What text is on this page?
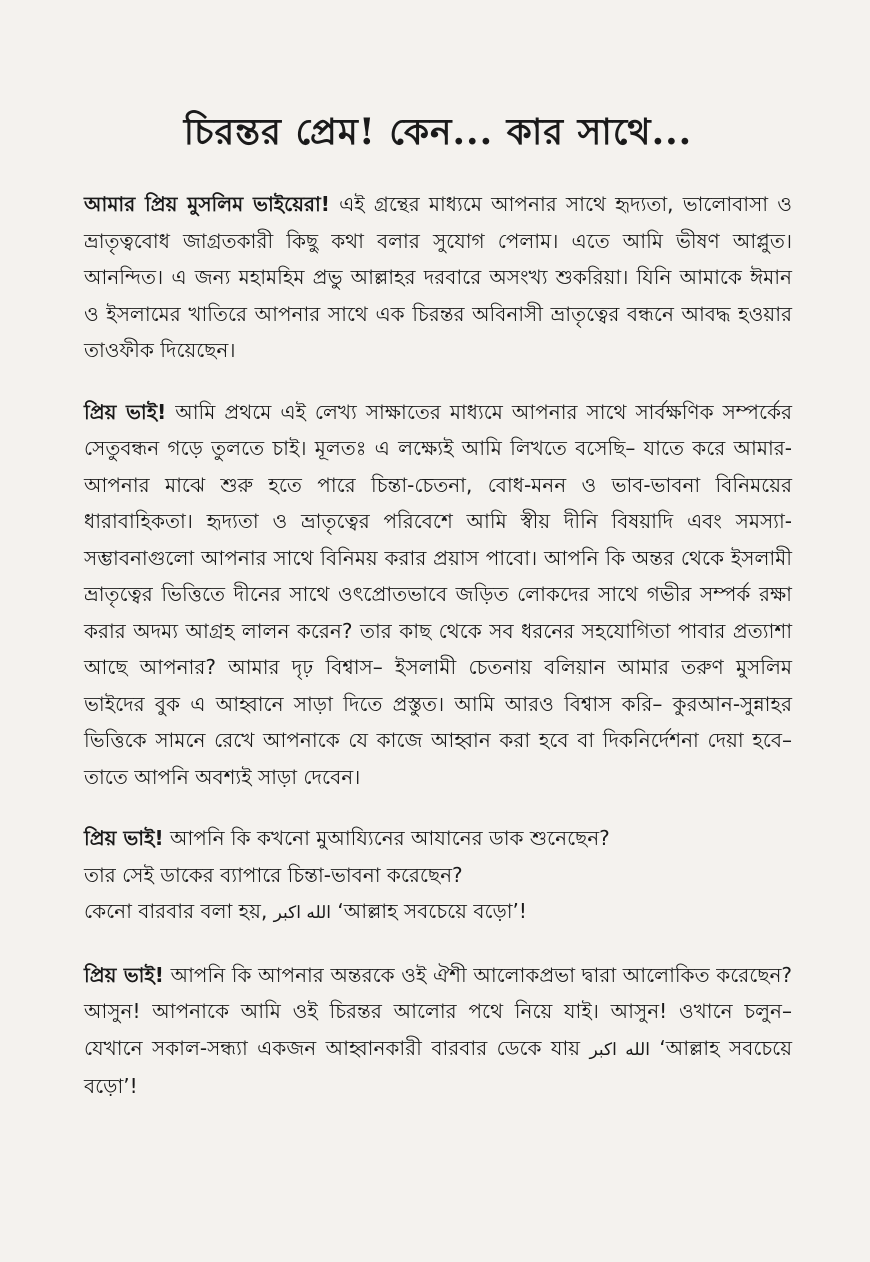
চিরন্তর প্রেম! কেন... কার সাথে...

আমার প্রিয় মুসলিম ভাইয়েরা! এই গ্রন্থের মাধ্যমে আপনার সাথে হৃদ্যতা, ভালোবাসা ও ভ্রাতৃত্ববোধ জাগ্রতকারী কিছু কথা বলার সুযোগ পেলাম। এতে আমি ভীষণ আপ্লুত। আনন্দিত। এ জন্য মহামহিম প্রভু আল্লাহর দরবারে অসংখ্য শুকরিয়া। যিনি আমাকে ঈমান ও ইসলামের খাতিরে আপনার সাথে এক চিরন্তর অবিনাসী ভ্রাতৃত্বের বন্ধনে আবদ্ধ হওয়ার তাওফীক দিয়েছেন।

প্রিয় ভাই! আমি প্রথমে এই লেখ্য সাক্ষাতের মাধ্যমে আপনার সাথে সার্বক্ষণিক সম্পর্কের সেতুবন্ধন গড়ে তুলতে চাই। মূলতঃ এ লক্ষ্যেই আমি লিখতে বসেছি– যাতে করে আমার-আপনার মাঝে শুরু হতে পারে চিন্তা-চেতনা, বোধ-মনন ও ভাব-ভাবনা বিনিময়ের ধারাবাহিকতা। হৃদ্যতা ও ভ্রাতৃত্বের পরিবেশে আমি স্বীয় দীনি বিষয়াদি এবং সমস্যা-সম্ভাবনাগুলো আপনার সাথে বিনিময় করার প্রয়াস পাবো। আপনি কি অন্তর থেকে ইসলামী ভ্রাতৃত্বের ভিত্তিতে দীনের সাথে ওৎপ্রোতভাবে জড়িত লোকদের সাথে গভীর সম্পর্ক রক্ষা করার অদম্য আগ্রহ লালন করেন? তার কাছ থেকে সব ধরনের সহযোগিতা পাবার প্রত্যাশা আছে আপনার? আমার দৃঢ় বিশ্বাস– ইসলামী চেতনায় বলিয়ান আমার তরুণ মুসলিম ভাইদের বুক এ আহ্বানে সাড়া দিতে প্রস্তুত। আমি আরও বিশ্বাস করি– কুরআন-সুন্নাহর ভিত্তিকে সামনে রেখে আপনাকে যে কাজে আহ্বান করা হবে বা দিকনির্দেশনা দেয়া হবে– তাতে আপনি অবশ্যই সাড়া দেবেন।

প্রিয় ভাই! আপনি কি কখনো মুআয্যিনের আযানের ডাক শুনেছেন?
তার সেই ডাকের ব্যাপারে চিন্তা-ভাবনা করেছেন?
কেনো বারবার বলা হয়, الله اكبر ‘আল্লাহ সবচেয়ে বড়ো’!

প্রিয় ভাই! আপনি কি আপনার অন্তরকে ওই ঐশী আলোকপ্রভা দ্বারা আলোকিত করেছেন? আসুন! আপনাকে আমি ওই চিরন্তর আলোর পথে নিয়ে যাই। আসুন! ওখানে চলুন– যেখানে সকাল-সন্ধ্যা একজন আহ্বানকারী বারবার ডেকে যায় الله اكبر ‘আল্লাহ সবচেয়ে বড়ো’!
